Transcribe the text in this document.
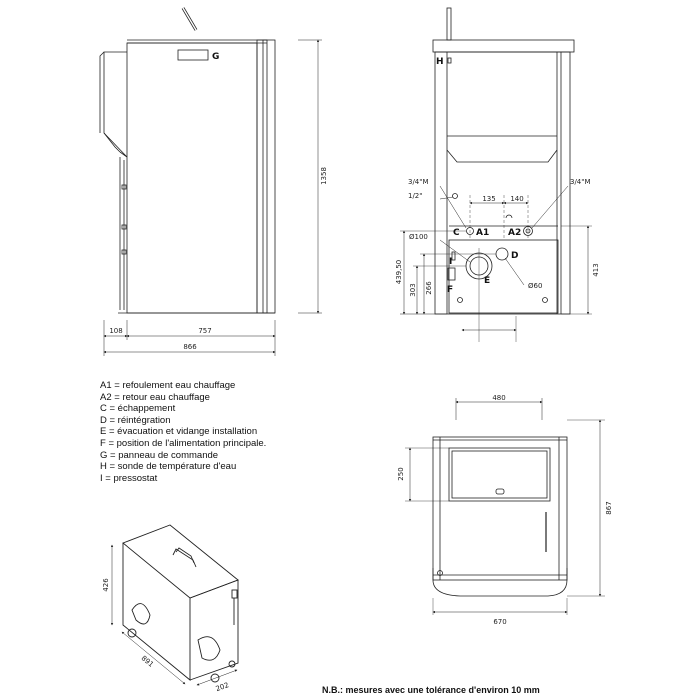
G
1358
108	757
866
3/4"M
1/2"
3/4"M
135 140
C A1 A2
Ø100
I
F
D
E	Ø60
H
439,50
303 266
413
480
250
867
670
426
891
202
A1 = refoulement eau chauffage
A2 = retour eau chauffage
C = échappement
D = réintégration
E = évacuation et vidange installation
F = position de l'alimentation principale.
G = panneau de commande
H = sonde de température d'eau
I = pressostat
N.B.: mesures avec une tolérance d'environ 10 mm
